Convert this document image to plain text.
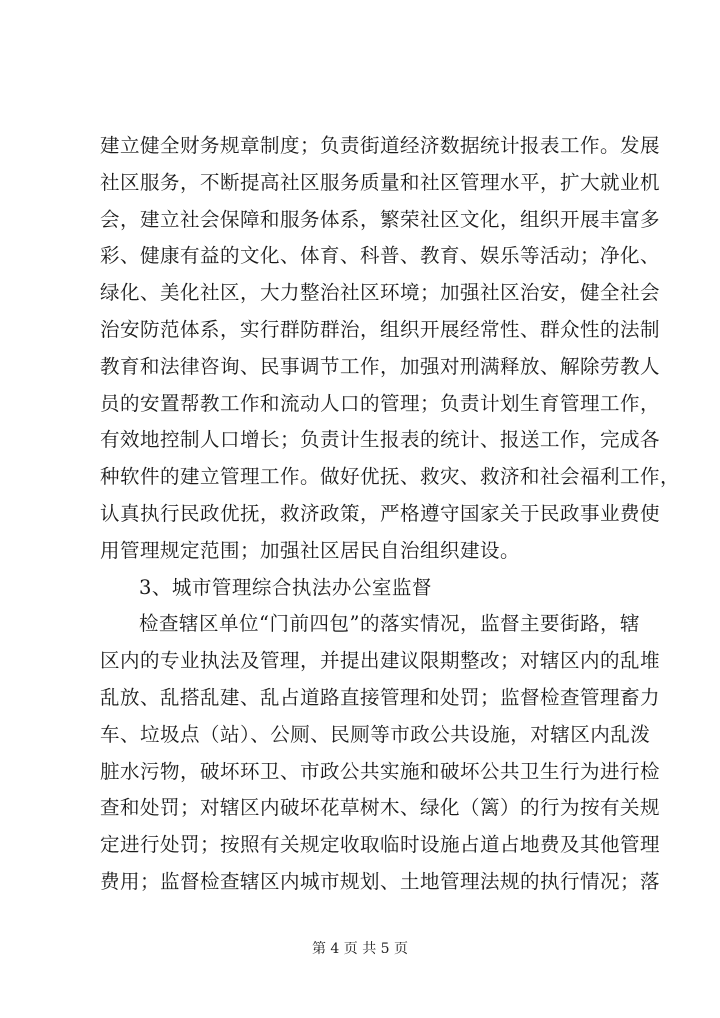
建立健全财务规章制度；负责街道经济数据统计报表工作。发展
社区服务，不断提高社区服务质量和社区管理水平，扩大就业机
会，建立社会保障和服务体系，繁荣社区文化，组织开展丰富多
彩、健康有益的文化、体育、科普、教育、娱乐等活动；净化、
绿化、美化社区，大力整治社区环境；加强社区治安，健全社会
治安防范体系，实行群防群治，组织开展经常性、群众性的法制
教育和法律咨询、民事调节工作，加强对刑满释放、解除劳教人
员的安置帮教工作和流动人口的管理；负责计划生育管理工作，
有效地控制人口增长；负责计生报表的统计、报送工作，完成各
种软件的建立管理工作。做好优抚、救灾、救济和社会福利工作，
认真执行民政优抚，救济政策，严格遵守国家关于民政事业费使
用管理规定范围；加强社区居民自治组织建设。
3、城市管理综合执法办公室监督
检查辖区单位“门前四包”的落实情况，监督主要街路，辖
区内的专业执法及管理，并提出建议限期整改；对辖区内的乱堆
乱放、乱搭乱建、乱占道路直接管理和处罚；监督检查管理畜力
车、垃圾点（站）、公厕、民厕等市政公共设施，对辖区内乱泼
脏水污物，破坏环卫、市政公共实施和破坏公共卫生行为进行检
查和处罚；对辖区内破坏花草树木、绿化（篱）的行为按有关规
定进行处罚；按照有关规定收取临时设施占道占地费及其他管理
费用；监督检查辖区内城市规划、土地管理法规的执行情况；落
第 4 页 共 5 页
